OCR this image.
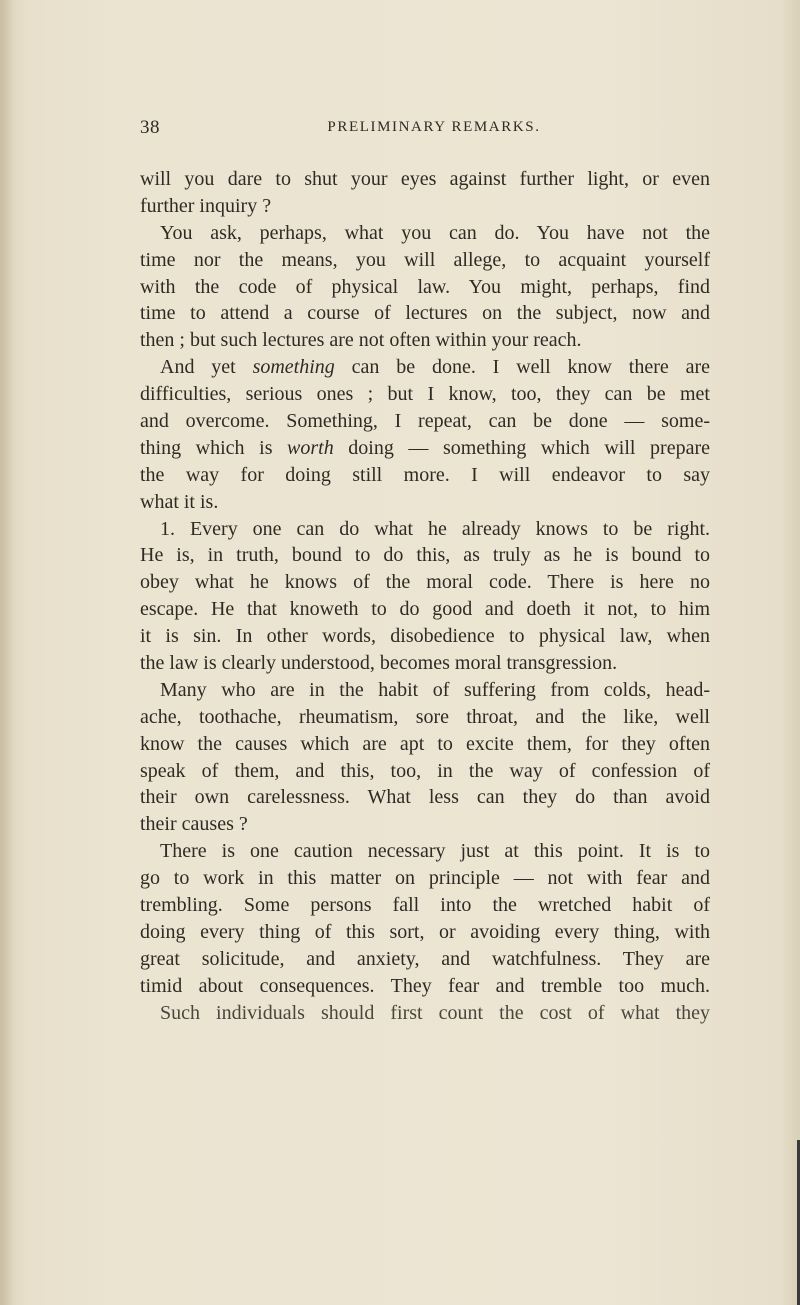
38	PRELIMINARY REMARKS.
will you dare to shut your eyes against further light, or even
further inquiry ?
You ask, perhaps, what you can do. You have not the
time nor the means, you will allege, to acquaint yourself
with the code of physical law. You might, perhaps, find
time to attend a course of lectures on the subject, now and
then ; but such lectures are not often within your reach.
And yet something can be done. I well know there are
difficulties, serious ones ; but I know, too, they can be met
and overcome. Something, I repeat, can be done — some-
thing which is worth doing — something which will prepare
the way for doing still more. I will endeavor to say
what it is.
1. Every one can do what he already knows to be right.
He is, in truth, bound to do this, as truly as he is bound to
obey what he knows of the moral code. There is here no
escape. He that knoweth to do good and doeth it not, to him
it is sin. In other words, disobedience to physical law, when
the law is clearly understood, becomes moral transgression.
Many who are in the habit of suffering from colds, head-
ache, toothache, rheumatism, sore throat, and the like, well
know the causes which are apt to excite them, for they often
speak of them, and this, too, in the way of confession of
their own carelessness. What less can they do than avoid
their causes ?
There is one caution necessary just at this point. It is to
go to work in this matter on principle — not with fear and
trembling. Some persons fall into the wretched habit of
doing every thing of this sort, or avoiding every thing, with
great solicitude, and anxiety, and watchfulness. They are
timid about consequences. They fear and tremble too much.
Such individuals should first count the cost of what they
